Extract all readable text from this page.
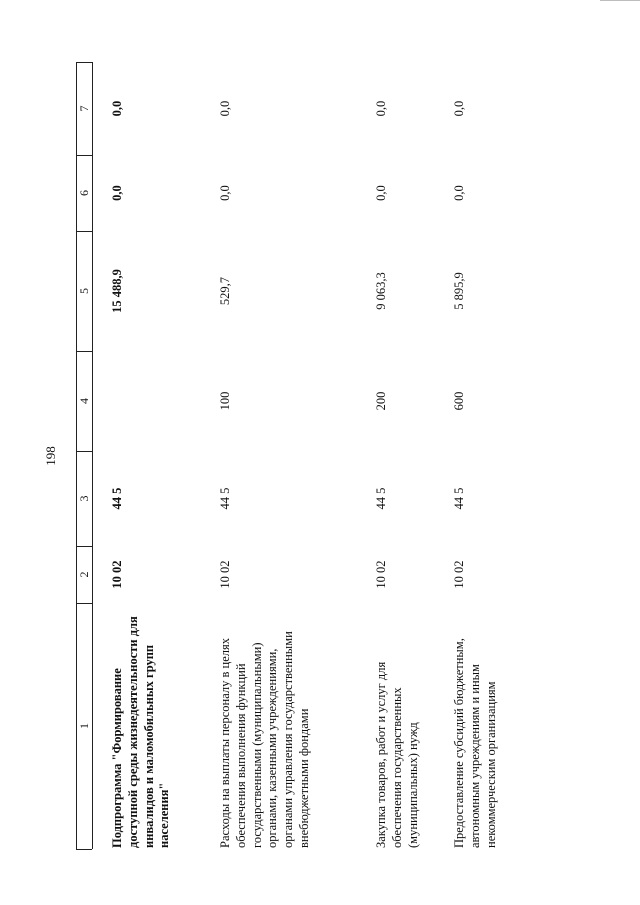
198
7
6
5
4
3
2
1 Подпрограмма "Формирование доступной среды жизнедеятельности для инвалидов и маломобильных групп населения"
10 02
44 5
15 488,9
0,0
0,0
Расходы на выплаты персоналу в целях обеспечения выполнения функций государственными (муниципальными) органами, казенными учреждениями, органами управления государственными внебюджетными фондами
10 02
44 5
100
529,7
0,0
0,0
Закупка товаров, работ и услуг для обеспечения государственных (муниципальных) нужд
10 02
44 5
200
9 063,3
0,0
0,0
Предоставление субсидий бюджетным, автономным учреждениям и иным некоммерческим организациям
10 02
44 5
600
5 895,9
0,0
0,0
